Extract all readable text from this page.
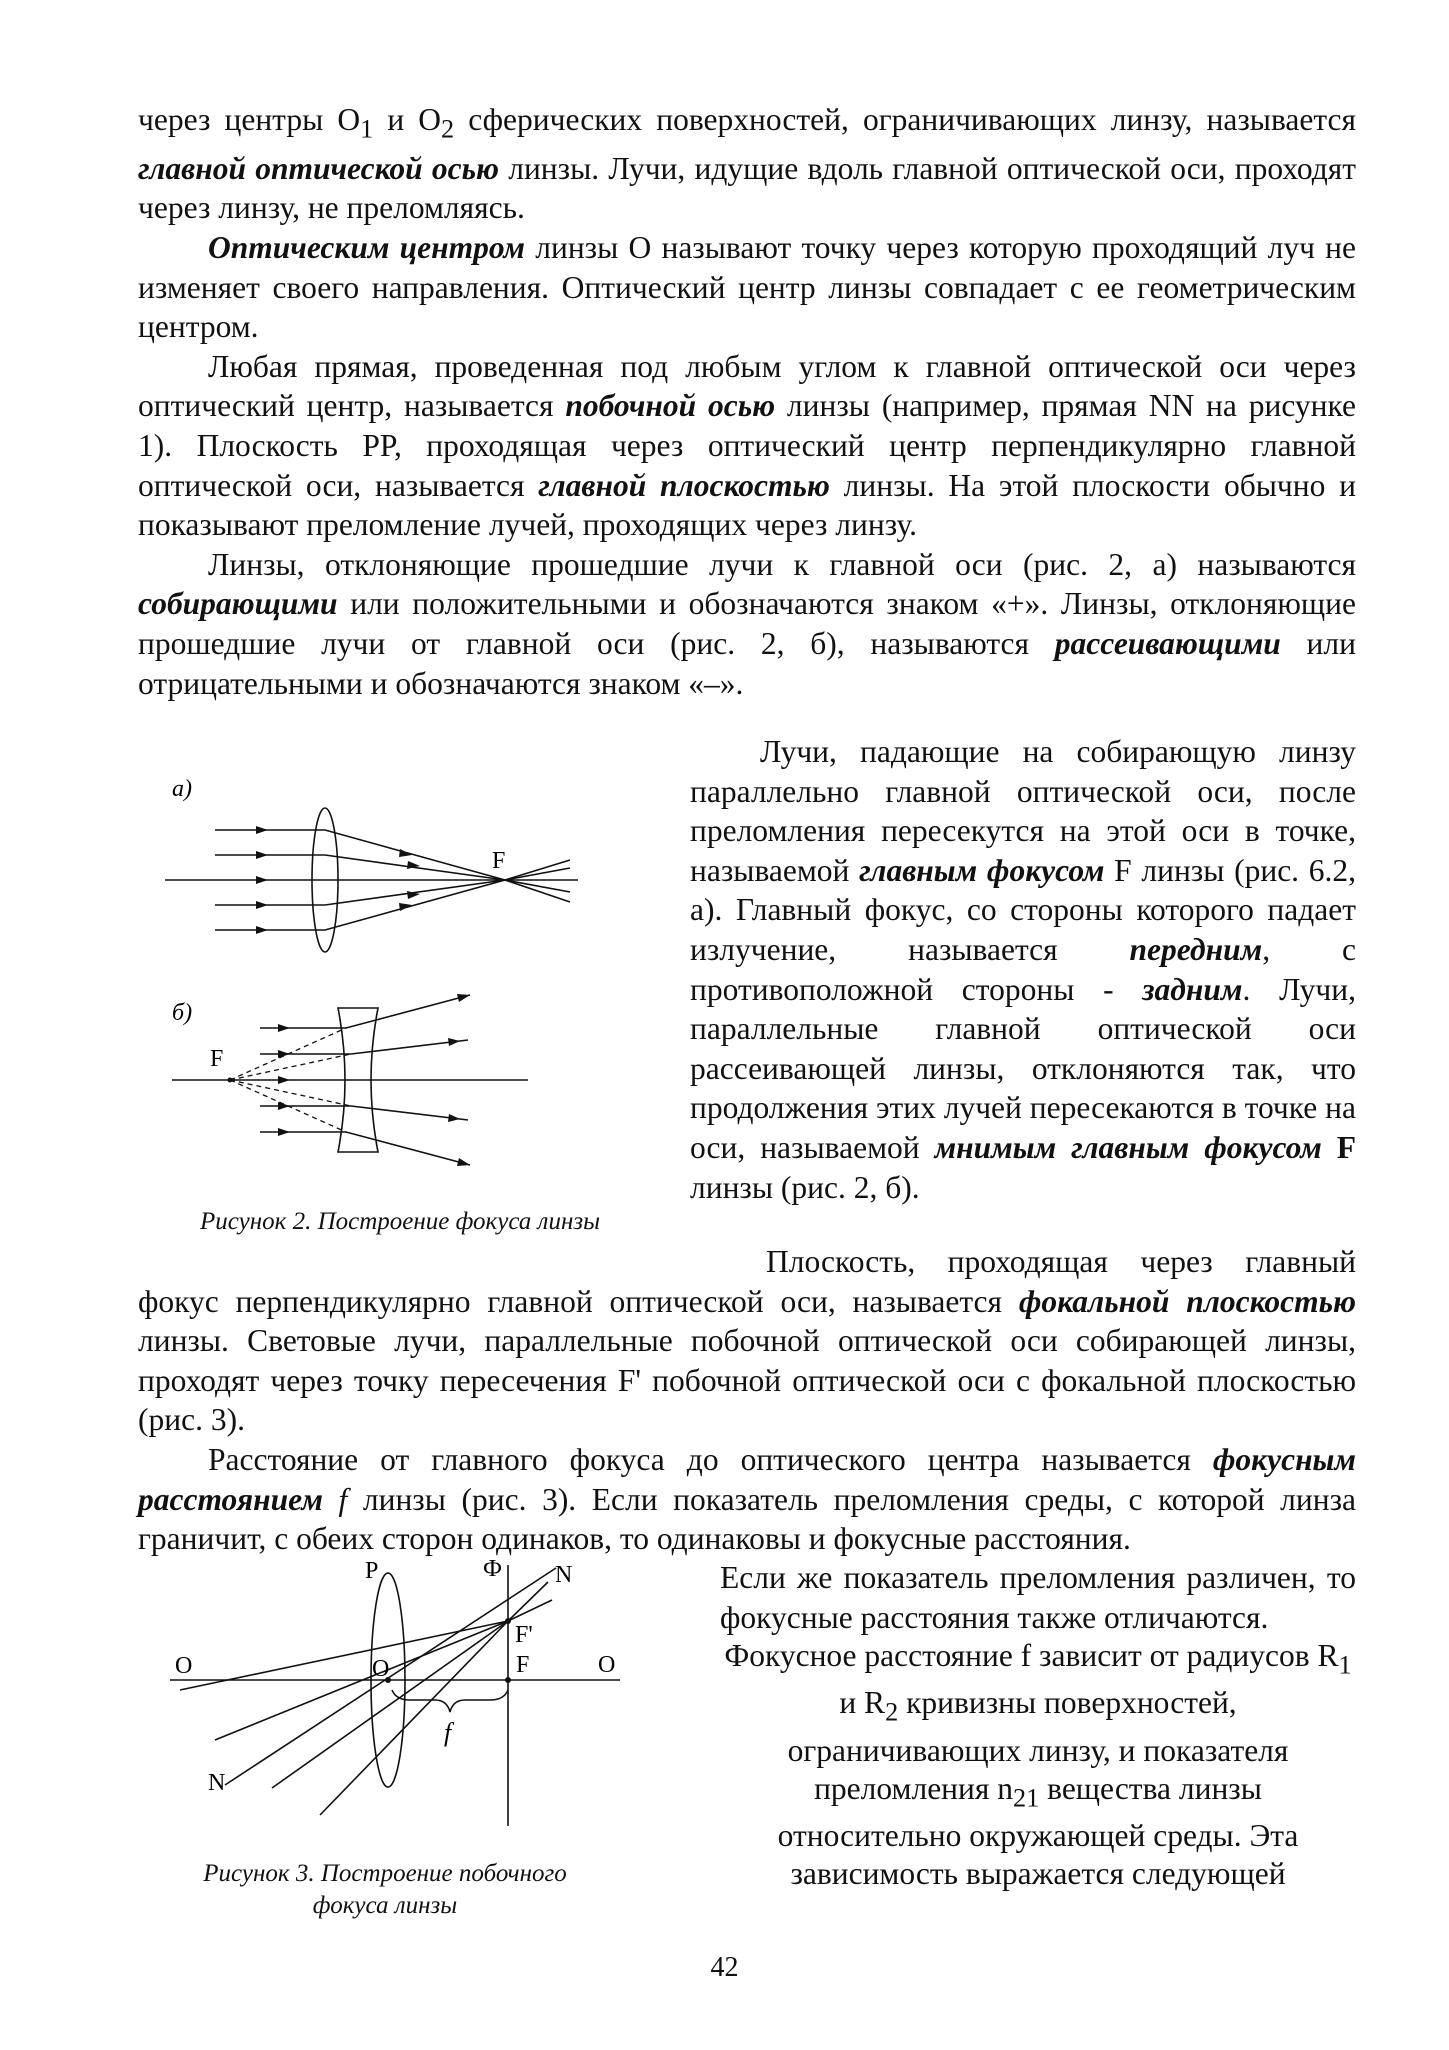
через центры $O_1$ и $O_2$ сферических поверхностей, ограничивающих линзу, называется главной оптической осью линзы. Лучи, идущие вдоль главной оптической оси, проходят через линзу, не преломляясь.

Оптическим центром линзы O называют точку через которую проходящий луч не изменяет своего направления. Оптический центр линзы совпадает с ее геометрическим центром.

Любая прямая, проведенная под любым углом к главной оптической оси через оптический центр, называется побочной осью линзы (например, прямая NN на рисунке 1). Плоскость PP, проходящая через оптический центр перпендикулярно главной оптической оси, называется главной плоскостью линзы. На этой плоскости обычно и показывают преломление лучей, проходящих через линзу.

Линзы, отклоняющие прошедшие лучи к главной оси (рис. 2, а) называются собирающими или положительными и обозначаются знаком «+». Линзы, отклоняющие прошедшие лучи от главной оси (рис. 2, б), называются рассеивающими или отрицательными и обозначаются знаком «–».

а)
F
б)
F
Рисунок 2. Построение фокуса линзы

Лучи, падающие на собирающую линзу параллельно главной оптической оси, после преломления пересекутся на этой оси в точке, называемой главным фокусом F линзы (рис. 6.2, а). Главный фокус, со стороны которого падает излучение, называется передним, с противоположной стороны - задним. Лучи, параллельные главной оптической оси рассеивающей линзы, отклоняются так, что продолжения этих лучей пересекаются в точке на оси, называемой мнимым главным фокусом F линзы (рис. 2, б).

Плоскость, проходящая через главный фокус перпендикулярно главной оптической оси, называется фокальной плоскостью линзы. Световые лучи, параллельные побочной оптической оси собирающей линзы, проходят через точку пересечения F' побочной оптической оси с фокальной плоскостью (рис. 3).

Расстояние от главного фокуса до оптического центра называется фокусным расстоянием f линзы (рис. 3). Если показатель преломления среды, с которой линза граничит, с обеих сторон одинаков, то одинаковы и фокусные расстояния.

P	Ф N
F'
O	O	F	O
N
f
Рисунок 3. Построение побочного фокуса линзы

Если же показатель преломления различен, то фокусные расстояния также отличаются.

Фокусное расстояние f зависит от радиусов $R_1$ и $R_2$ кривизны поверхностей, ограничивающих линзу, и показателя преломления $n_{21}$ вещества линзы относительно окружающей среды. Эта зависимость выражается следующей

42
